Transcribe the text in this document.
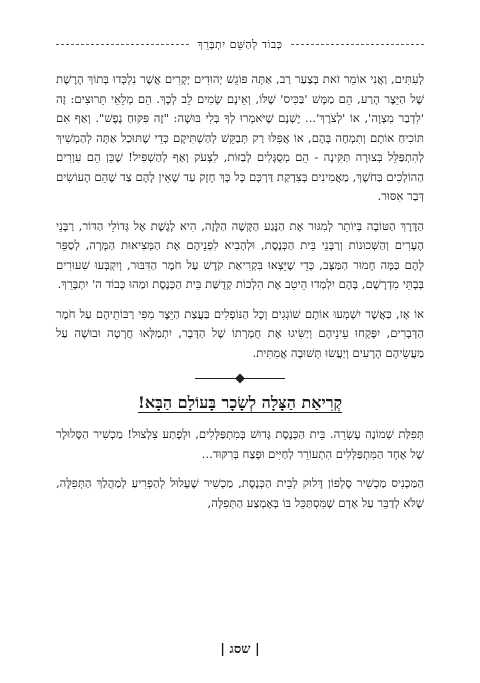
כְּבוֹד לְהַשֵּׁם יִתְבָּרֵךְ

לְעִתִּים, וַאֲנִי אוֹמֵר זֹאת בְּצַעַר רַב, אַתָּה פּוֹגֵשׁ יְהוּדִים יְקָרִים אֲשֶׁר נִלְכְּדוּ בְּתוֹךְ הָרֶשֶׁת שֶׁל הַיֵּצֶר הָרַע, הֵם מַמָּשׁ 'בַּכִּיס' שֶׁלּוֹ, וְאֵינָם שָׂמִים לֵב לְכָךְ. הֵם מְלֵאֵי תֵּרוּצִים: זֶה 'לִדְבַר מִצְוָה', אוֹ 'לְצֹרֶךְ'... יֶשְׁנָם שֶׁיֹּאמְרוּ לְךָ בְּלִי בּוּשָׁה: "זֶה פִּקּוּחַ נֶפֶשׁ". וְאַף אִם תּוֹכִיחַ אוֹתָם וְתִמְחֶה בָּהֶם, אוֹ אֲפִלּוּ רַק תְּבַקֵּשׁ לְהַשְׁתִּיקָם כְּדֵי שֶׁתּוּכַל אַתָּה לְהַמְשִׁיךְ לְהִתְפַּלֵּל בְּצוּרָה תַּקִּינָה - הֵם מְסֻגָּלִים לְבַזּוֹת, לִצְעֹק וְאַף לְהַשְׁפִּיל! שֶׁכֵּן הֵם עִוְרִים הַהוֹלְכִים בַּחֹשֶׁךְ, מַאֲמִינִים בְּצִדְקַת דַּרְכָּם כָּל כָּךְ חָזָק עַד שֶׁאֵין לָהֶם צַד שֶׁהֵם הָעוֹשִׂים דְּבַר אִסּוּר.

הַדֶּרֶךְ הַטּוֹבָה בְּיוֹתֵר לְמִגּוּר אֶת הַנֶּגַע הַקָּשֶׁה הַלָּזֶה, הִיא לָגֶשֶׁת אֶל גְּדוֹלֵי הַדּוֹר, רַבָּנֵי הֶעָרִים וְהַשְּׁכוּנוֹת וְרַבָּנֵי בֵּית הַכְּנֶסֶת, וּלְהָבִיא לִפְנֵיהֶם אֶת הַמְּצִיאוּת הַמָּרָה, לְסַפֵּר לָהֶם כַּמָּה חָמוּר הַמַּצָּב, כְּדֵי שֶׁיֵּצְאוּ בִּקְרִיאַת קֹדֶשׁ עַל חֹמֶר הַדִּבּוּר, וְיִקְבְּעוּ שִׁעוּרִים בְּבָתֵּי מִדְרָשָׁם, בָּהֶם יִלְמְדוּ הֵיטֵב אֶת הִלְכוֹת קְדֻשַּׁת בֵּית הַכְּנֶסֶת וּמַהוּ כְּבוֹד ה' יִתְבָּרֵךְ.

אוֹ אָז, כַּאֲשֶׁר יִשְׁמְעוּ אוֹתָם שׁוֹגְגִים וְכָל הַנּוֹפְלִים בַּעֲצַת הַיֵּצֶר מִפִּי רַבּוֹתֵיהֶם עַל חֹמֶר הַדְּבָרִים, יִפָּקְחוּ עֵינֵיהֶם וְיַשִּׂיגוּ אֶת חֻמְרָתוֹ שֶׁל הַדָּבָר, יִתְמַלְּאוּ חֲרָטָה וּבוּשָׁה עַל מַעֲשֵׂיהֶם הָרָעִים וְיַעֲשׂוּ תְּשׁוּבָה אֲמִתִּית.

קְרִיאַת הַצָּלָה לְשָׂכָר בָּעוֹלָם הַבָּא!

תְּפִלַּת שְׁמוֹנֶה עֶשְׂרֵה. בֵּית הַכְּנֶסֶת גָּדוּשׁ בְּמִתְפַּלְּלִים, וּלְפֶתַע צִלְצוּל! מַכְשִׁיר הַסֶּלוּלָר שֶׁל אֶחָד הַמִּתְפַּלְּלִים הִתְעוֹרֵר לְחַיִּים וּפָצַח בְּרִקּוּד...

הַמַּכְנִיס מַכְשִׁיר סֶלְפוֹן דָּלוּק לְבֵית הַכְּנֶסֶת, מַכְשִׁיר שֶׁעָלוּל לְהַפְרִיעַ לְמַהֲלַךְ הַתְּפִלָּה, שֶׁלֹּא לְדַבֵּר עַל אָדָם שֶׁמִּסְתַּכֵּל בּוֹ בְּאֶמְצַע הַתְּפִלָּה,

| שסג |
